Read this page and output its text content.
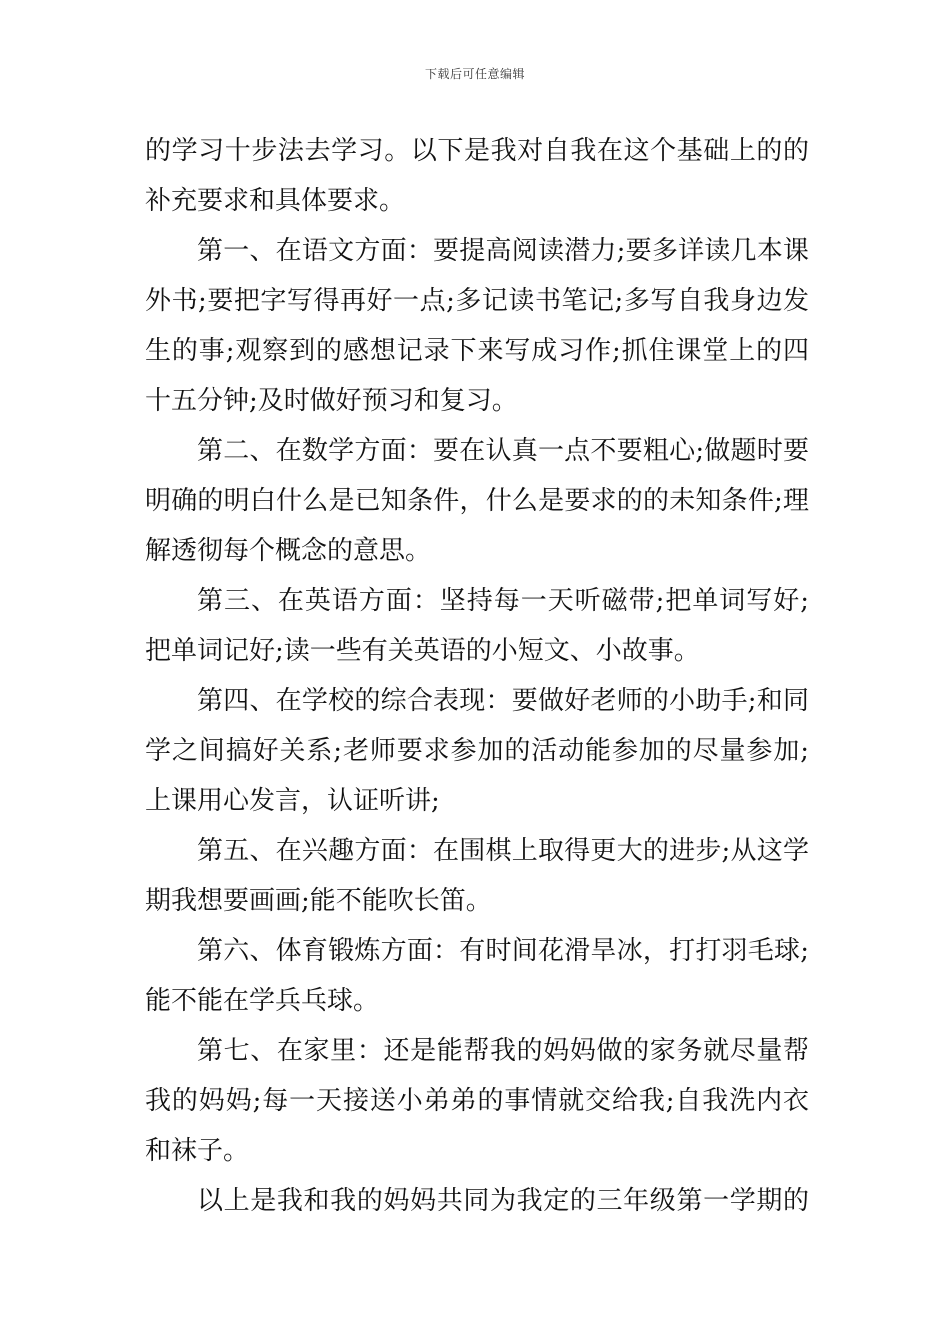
下载后可任意编辑
的学习十步法去学习。以下是我对自我在这个基础上的的
补充要求和具体要求。
第一、在语文方面：要提高阅读潜力;要多详读几本课
外书;要把字写得再好一点;多记读书笔记;多写自我身边发
生的事;观察到的感想记录下来写成习作;抓住课堂上的四
十五分钟;及时做好预习和复习。
第二、在数学方面：要在认真一点不要粗心;做题时要
明确的明白什么是已知条件，什么是要求的的未知条件;理
解透彻每个概念的意思。
第三、在英语方面：坚持每一天听磁带;把单词写好;
把单词记好;读一些有关英语的小短文、小故事。
第四、在学校的综合表现：要做好老师的小助手;和同
学之间搞好关系;老师要求参加的活动能参加的尽量参加;
上课用心发言，认证听讲;
第五、在兴趣方面：在围棋上取得更大的进步;从这学
期我想要画画;能不能吹长笛。
第六、体育锻炼方面：有时间花滑旱冰，打打羽毛球;
能不能在学兵乓球。
第七、在家里：还是能帮我的妈妈做的家务就尽量帮
我的妈妈;每一天接送小弟弟的事情就交给我;自我洗内衣
和袜子。
以上是我和我的妈妈共同为我定的三年级第一学期的
